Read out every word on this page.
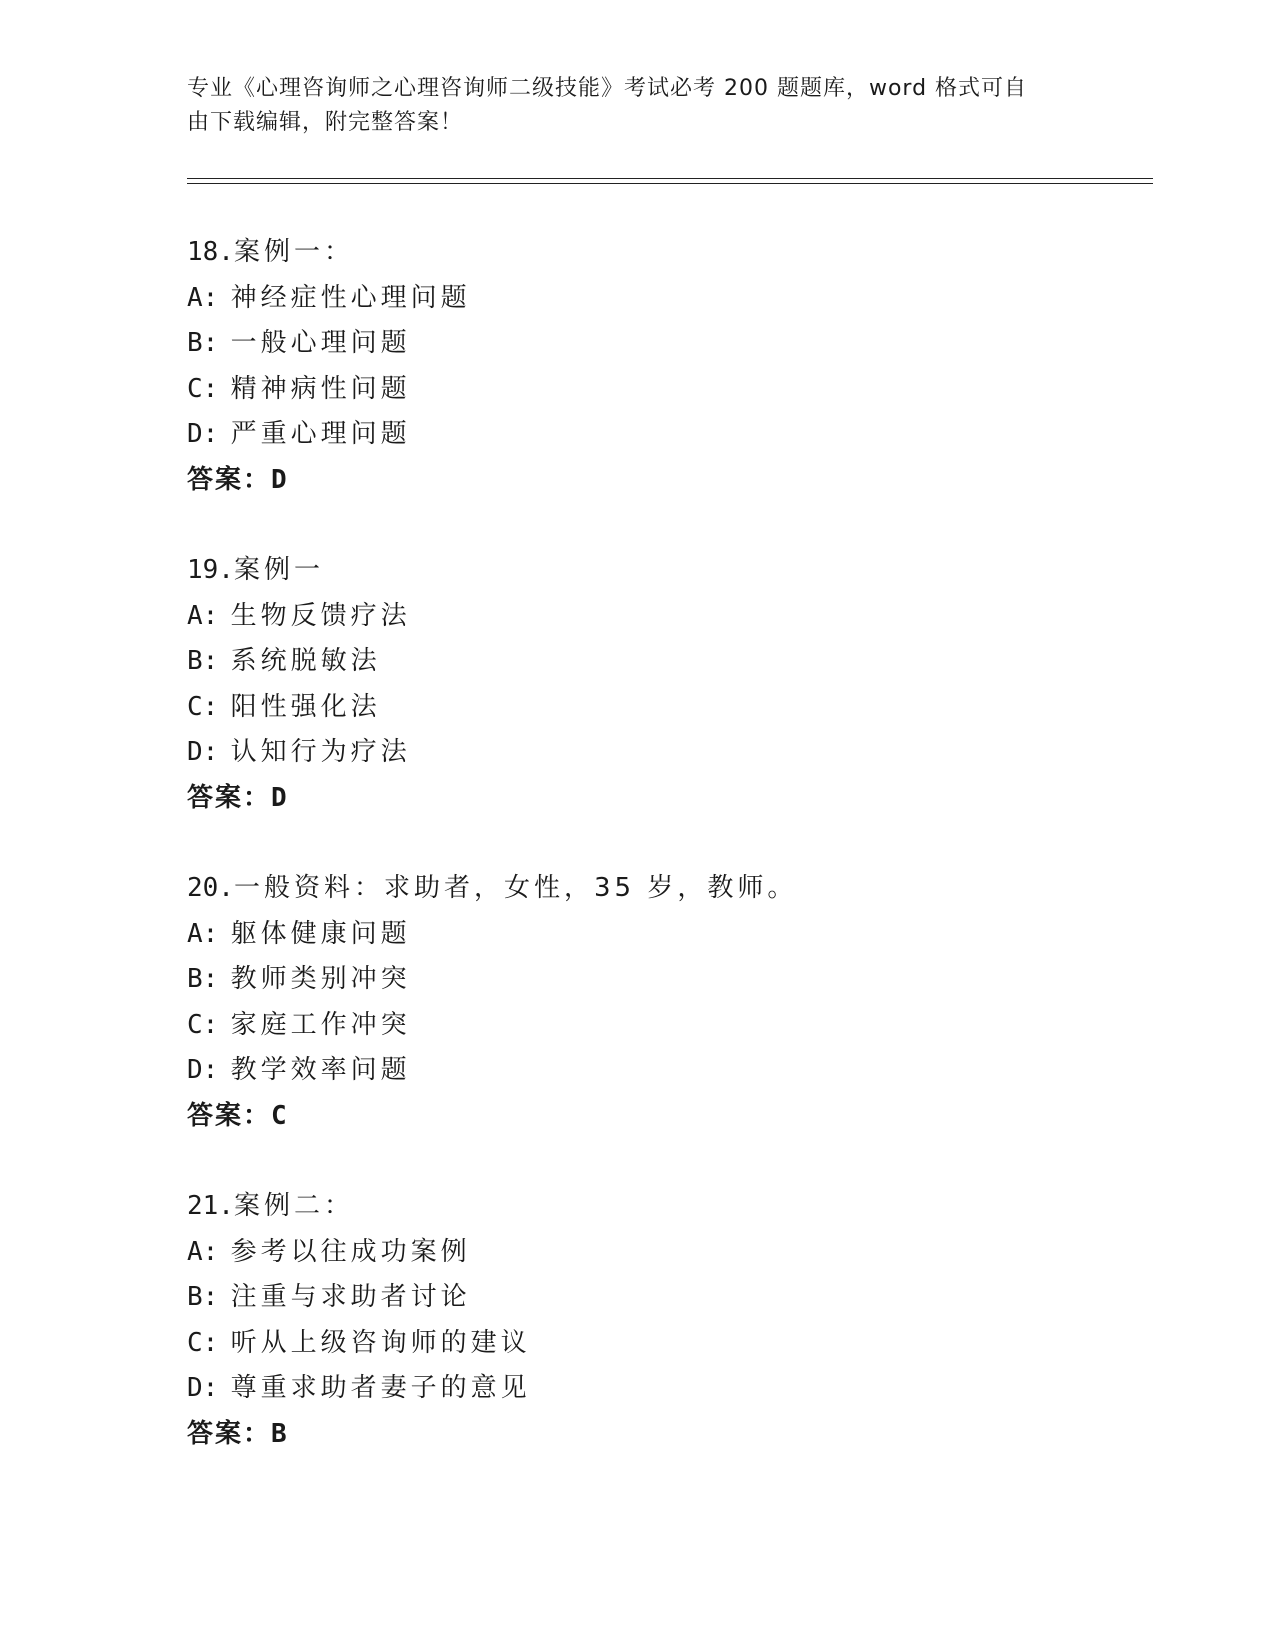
专业《心理咨询师之心理咨询师二级技能》考试必考 200 题题库，word 格式可自
由下载编辑，附完整答案！
18.案例一：
A: 神经症性心理问题
B: 一般心理问题
C: 精神病性问题
D: 严重心理问题
答案：D
19.案例一
A: 生物反馈疗法
B: 系统脱敏法
C: 阳性强化法
D: 认知行为疗法
答案：D
20.一般资料：求助者，女性，35 岁，教师。
A: 躯体健康问题
B: 教师类别冲突
C: 家庭工作冲突
D: 教学效率问题
答案：C
21.案例二：
A: 参考以往成功案例
B: 注重与求助者讨论
C: 听从上级咨询师的建议
D: 尊重求助者妻子的意见
答案：B
